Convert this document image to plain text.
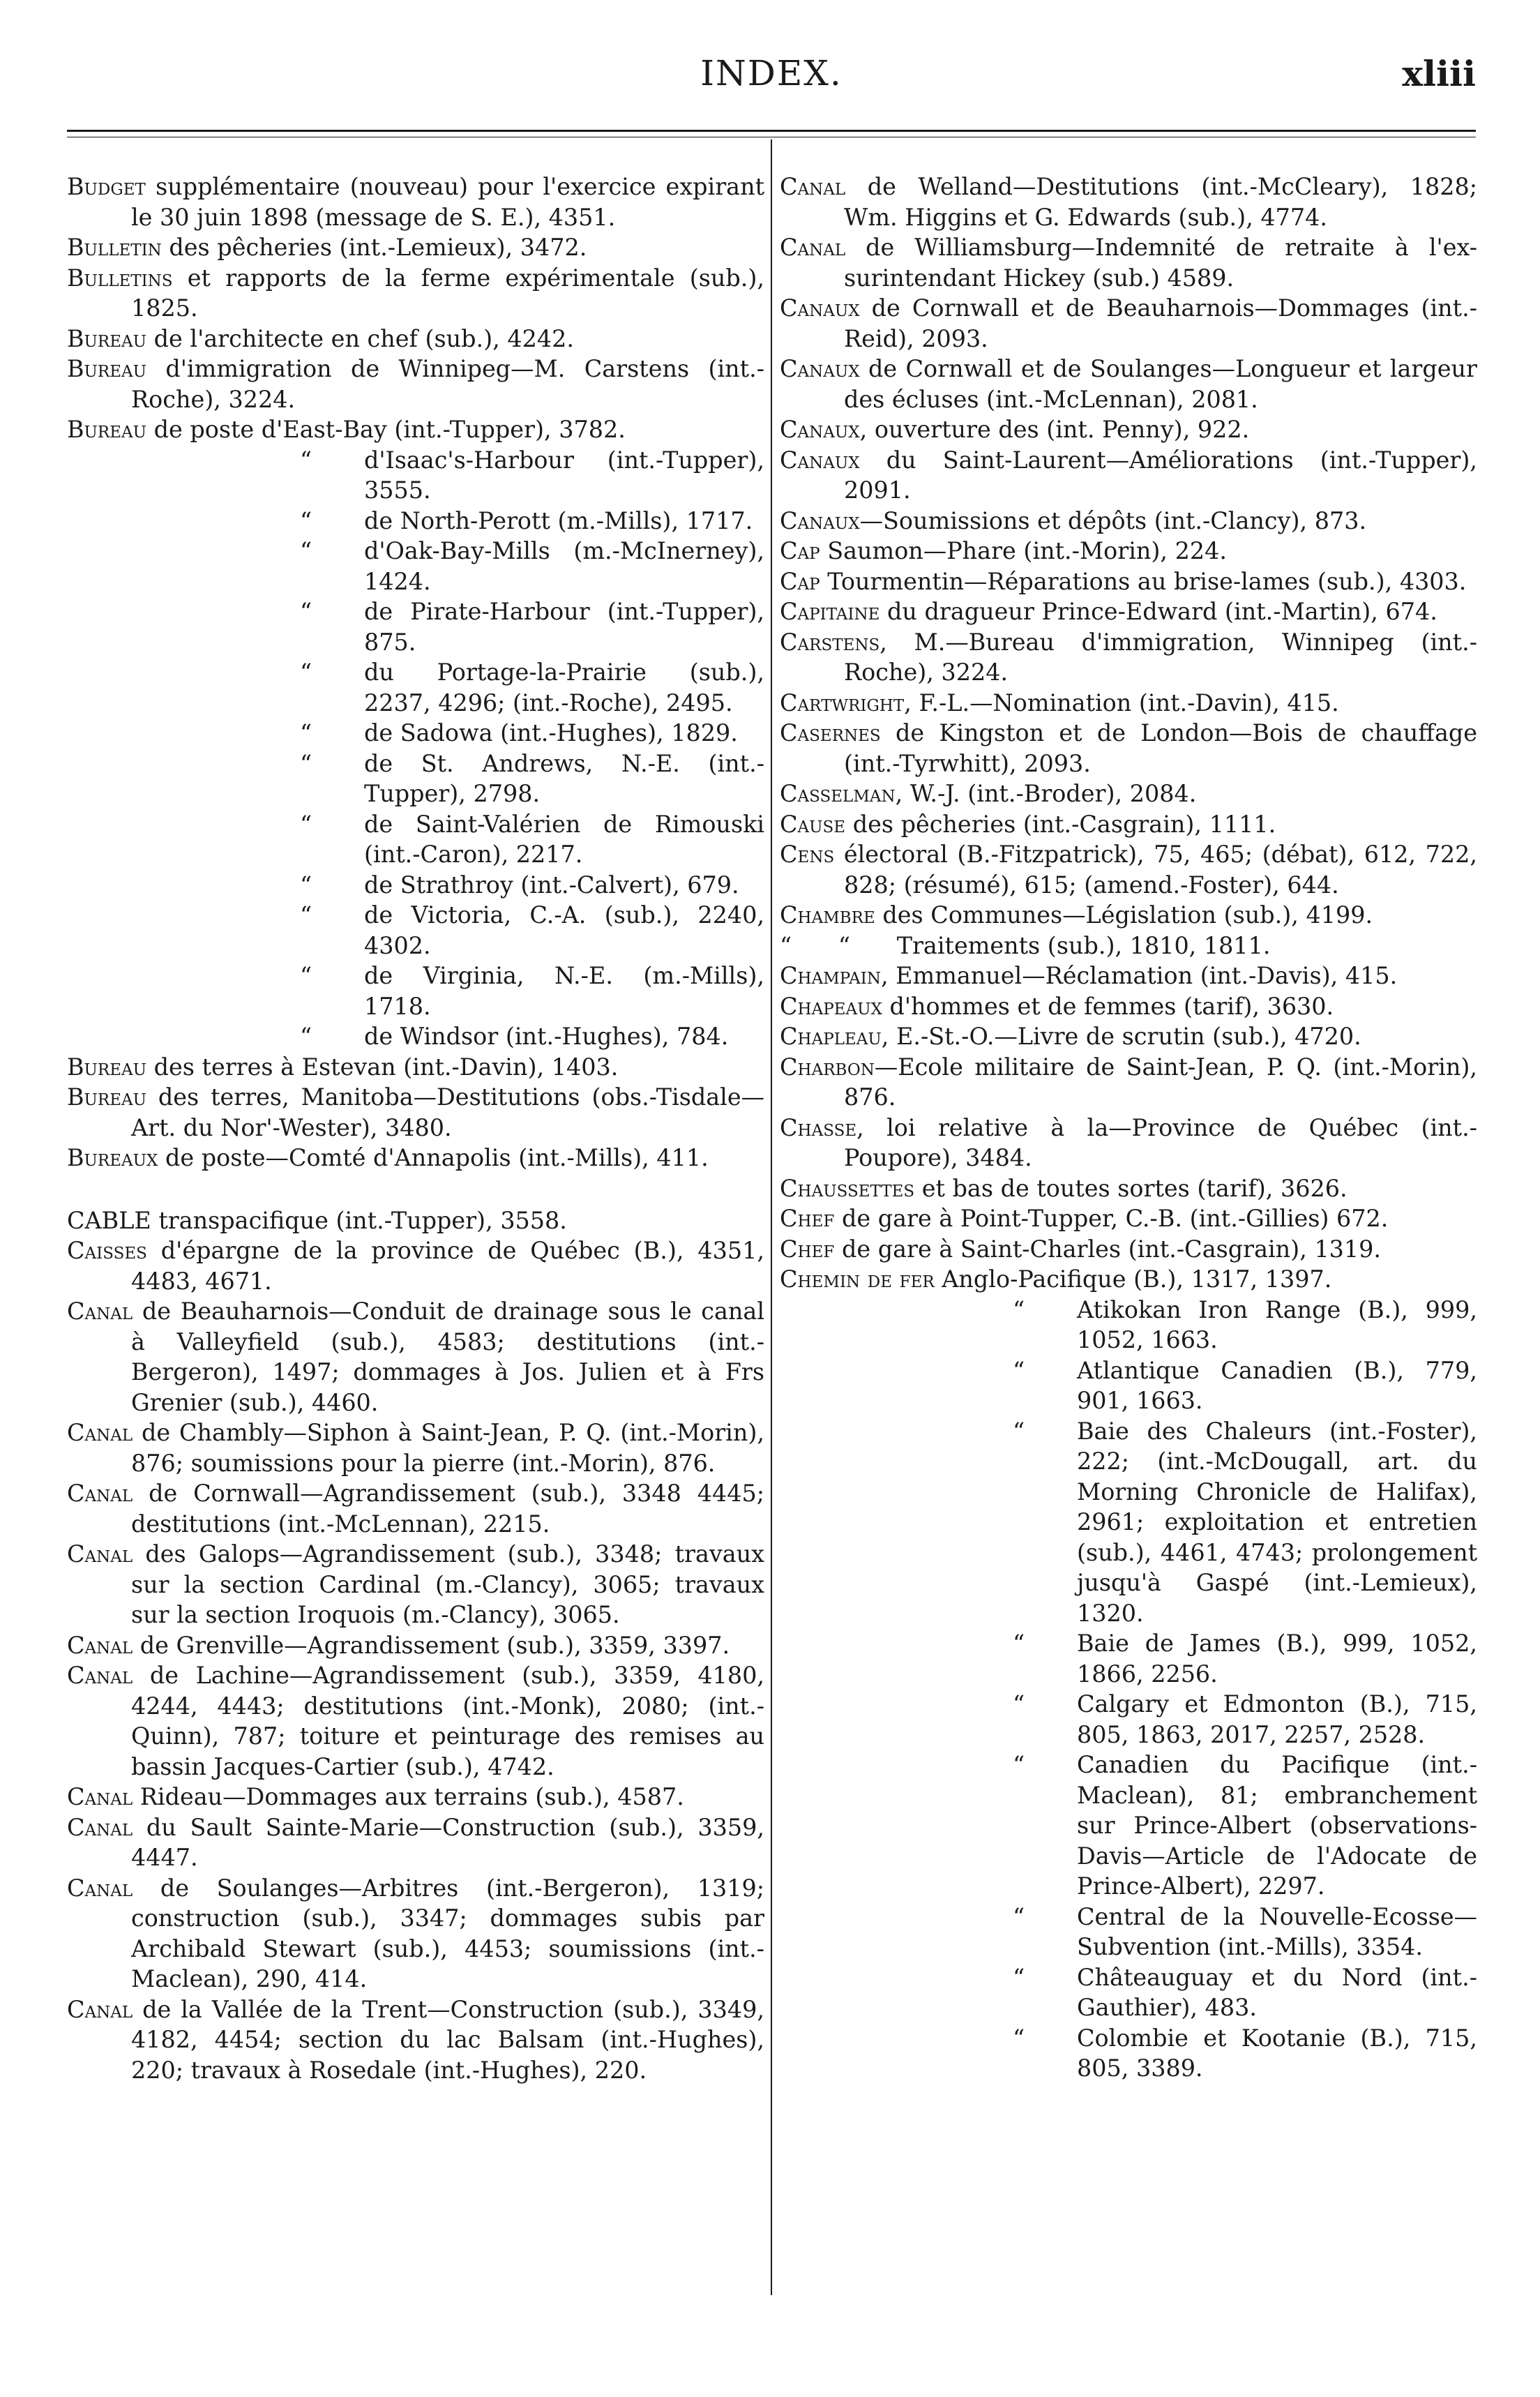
INDEX.	xliii
Budget supplémentaire (nouveau) pour l'exercice expirant le 30 juin 1898 (message de S. E.), 4351.
Bulletin des pêcheries (int.-Lemieux), 3472.
Bulletins et rapports de la ferme expérimentale (sub.), 1825.
Bureau de l'architecte en chef (sub.), 4242.
Bureau d'immigration de Winnipeg—M. Carstens (int.-Roche), 3224.
Bureau de poste d'East-Bay (int.-Tupper), 3782.
“ d'Isaac's-Harbour (int.-Tupper), 3555.
“ de North-Perott (m.-Mills), 1717.
“ d'Oak-Bay-Mills (m.-McInerney), 1424.
“ de Pirate-Harbour (int.-Tupper), 875.
“ du Portage-la-Prairie (sub.), 2237, 4296; (int.-Roche), 2495.
“ de Sadowa (int.-Hughes), 1829.
“ de St. Andrews, N.-E. (int.-Tupper), 2798.
“ de Saint-Valérien de Rimouski (int.-Caron), 2217.
“ de Strathroy (int.-Calvert), 679.
“ de Victoria, C.-A. (sub.), 2240, 4302.
“ de Virginia, N.-E. (m.-Mills), 1718.
“ de Windsor (int.-Hughes), 784.
Bureau des terres à Estevan (int.-Davin), 1403.
Bureau des terres, Manitoba—Destitutions (obs.-Tisdale—Art. du Nor'-Wester), 3480.
Bureaux de poste—Comté d'Annapolis (int.-Mills), 411.
CABLE transpacifique (int.-Tupper), 3558.
Caisses d'épargne de la province de Québec (B.), 4351, 4483, 4671.
Canal de Beauharnois—Conduit de drainage sous le canal à Valleyfield (sub.), 4583; destitutions (int.-Bergeron), 1497; dommages à Jos. Julien et à Frs Grenier (sub.), 4460.
Canal de Chambly—Siphon à Saint-Jean, P. Q. (int.-Morin), 876; soumissions pour la pierre (int.-Morin), 876.
Canal de Cornwall—Agrandissement (sub.), 3348 4445; destitutions (int.-McLennan), 2215.
Canal des Galops—Agrandissement (sub.), 3348; travaux sur la section Cardinal (m.-Clancy), 3065; travaux sur la section Iroquois (m.-Clancy), 3065.
Canal de Grenville—Agrandissement (sub.), 3359, 3397.
Canal de Lachine—Agrandissement (sub.), 3359, 4180, 4244, 4443; destitutions (int.-Monk), 2080; (int.-Quinn), 787; toiture et peinturage des remises au bassin Jacques-Cartier (sub.), 4742.
Canal Rideau—Dommages aux terrains (sub.), 4587.
Canal du Sault Sainte-Marie—Construction (sub.), 3359, 4447.
Canal de Soulanges—Arbitres (int.-Bergeron), 1319; construction (sub.), 3347; dommages subis par Archibald Stewart (sub.), 4453; soumissions (int.-Maclean), 290, 414.
Canal de la Vallée de la Trent—Construction (sub.), 3349, 4182, 4454; section du lac Balsam (int.-Hughes), 220; travaux à Rosedale (int.-Hughes), 220.
Canal de Welland—Destitutions (int.-McCleary), 1828; Wm. Higgins et G. Edwards (sub.), 4774.
Canal de Williamsburg—Indemnité de retraite à l'ex-surintendant Hickey (sub.) 4589.
Canaux de Cornwall et de Beauharnois—Dommages (int.-Reid), 2093.
Canaux de Cornwall et de Soulanges—Longueur et largeur des écluses (int.-McLennan), 2081.
Canaux, ouverture des (int. Penny), 922.
Canaux du Saint-Laurent—Améliorations (int.-Tupper), 2091.
Canaux—Soumissions et dépôts (int.-Clancy), 873.
Cap Saumon—Phare (int.-Morin), 224.
Cap Tourmentin—Réparations au brise-lames (sub.), 4303.
Capitaine du dragueur Prince-Edward (int.-Martin), 674.
Carstens, M.—Bureau d'immigration, Winnipeg (int.-Roche), 3224.
Cartwright, F.-L.—Nomination (int.-Davin), 415.
Casernes de Kingston et de London—Bois de chauffage (int.-Tyrwhitt), 2093.
Casselman, W.-J. (int.-Broder), 2084.
Cause des pêcheries (int.-Casgrain), 1111.
Cens électoral (B.-Fitzpatrick), 75, 465; (débat), 612, 722, 828; (résumé), 615; (amend.-Foster), 644.
Chambre des Communes—Législation (sub.), 4199.
“  “  Traitements (sub.), 1810, 1811.
Champain, Emmanuel—Réclamation (int.-Davis), 415.
Chapeaux d'hommes et de femmes (tarif), 3630.
Chapleau, E.-St.-O.—Livre de scrutin (sub.), 4720.
Charbon—Ecole militaire de Saint-Jean, P. Q. (int.-Morin), 876.
Chasse, loi relative à la—Province de Québec (int.-Poupore), 3484.
Chaussettes et bas de toutes sortes (tarif), 3626.
Chef de gare à Point-Tupper, C.-B. (int.-Gillies) 672.
Chef de gare à Saint-Charles (int.-Casgrain), 1319.
Chemin de fer Anglo-Pacifique (B.), 1317, 1397.
“ Atikokan Iron Range (B.), 999, 1052, 1663.
“ Atlantique Canadien (B.), 779, 901, 1663.
“ Baie des Chaleurs (int.-Foster), 222; (int.-McDougall, art. du Morning Chronicle de Halifax), 2961; exploitation et entretien (sub.), 4461, 4743; prolongement jusqu'à Gaspé (int.-Lemieux), 1320.
“ Baie de James (B.), 999, 1052, 1866, 2256.
“ Calgary et Edmonton (B.), 715, 805, 1863, 2017, 2257, 2528.
“ Canadien du Pacifique (int.-Maclean), 81; embranchement sur Prince-Albert (observations-Davis—Article de l'Adocate de Prince-Albert), 2297.
“ Central de la Nouvelle-Ecosse—Subvention (int.-Mills), 3354.
“ Châteauguay et du Nord (int.-Gauthier), 483.
“ Colombie et Kootanie (B.), 715, 805, 3389.
